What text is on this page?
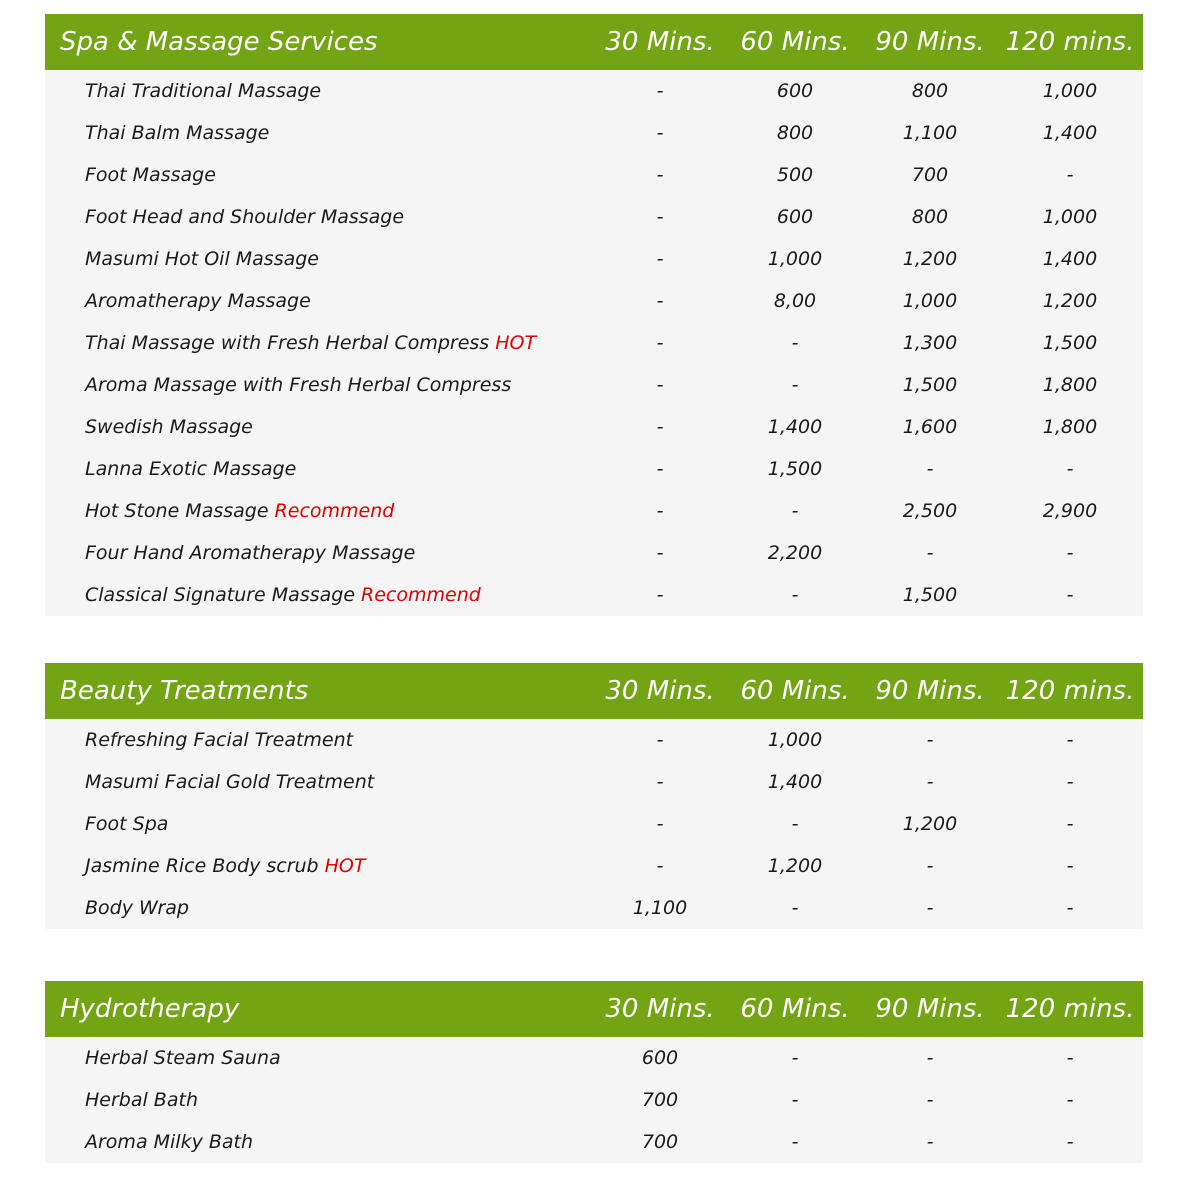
Spa & Massage Services	30 Mins. 60 Mins. 90 Mins. 120 mins.
Thai Traditional Massage	-	600	800	1,000
Thai Balm Massage	-	800	1,100	1,400
Foot Massage	-	500	700	-
Foot Head and Shoulder Massage	-	600	800	1,000
Masumi Hot Oil Massage	-	1,000	1,200	1,400
Aromatherapy Massage	-	8,00	1,000	1,200
Thai Massage with Fresh Herbal Compress HOT	-	-	1,300	1,500
Aroma Massage with Fresh Herbal Compress	-	-	1,500	1,800
Swedish Massage	-	1,400	1,600	1,800
Lanna Exotic Massage	-	1,500	-	-
Hot Stone Massage Recommend	-	-	2,500	2,900
Four Hand Aromatherapy Massage	-	2,200	-	-
Classical Signature Massage Recommend	-	-	1,500	-
Beauty Treatments	30 Mins. 60 Mins. 90 Mins. 120 mins.
Refreshing Facial Treatment	-	1,000	-	-
Masumi Facial Gold Treatment	-	1,400	-	-
Foot Spa	-	-	1,200	-
Jasmine Rice Body scrub HOT	-	1,200	-	-
Body Wrap	1,100	-	-	-
Hydrotherapy	30 Mins. 60 Mins. 90 Mins. 120 mins.
Herbal Steam Sauna	600	-	-	-
Herbal Bath	700	-	-	-
Aroma Milky Bath	700	-	-	-
